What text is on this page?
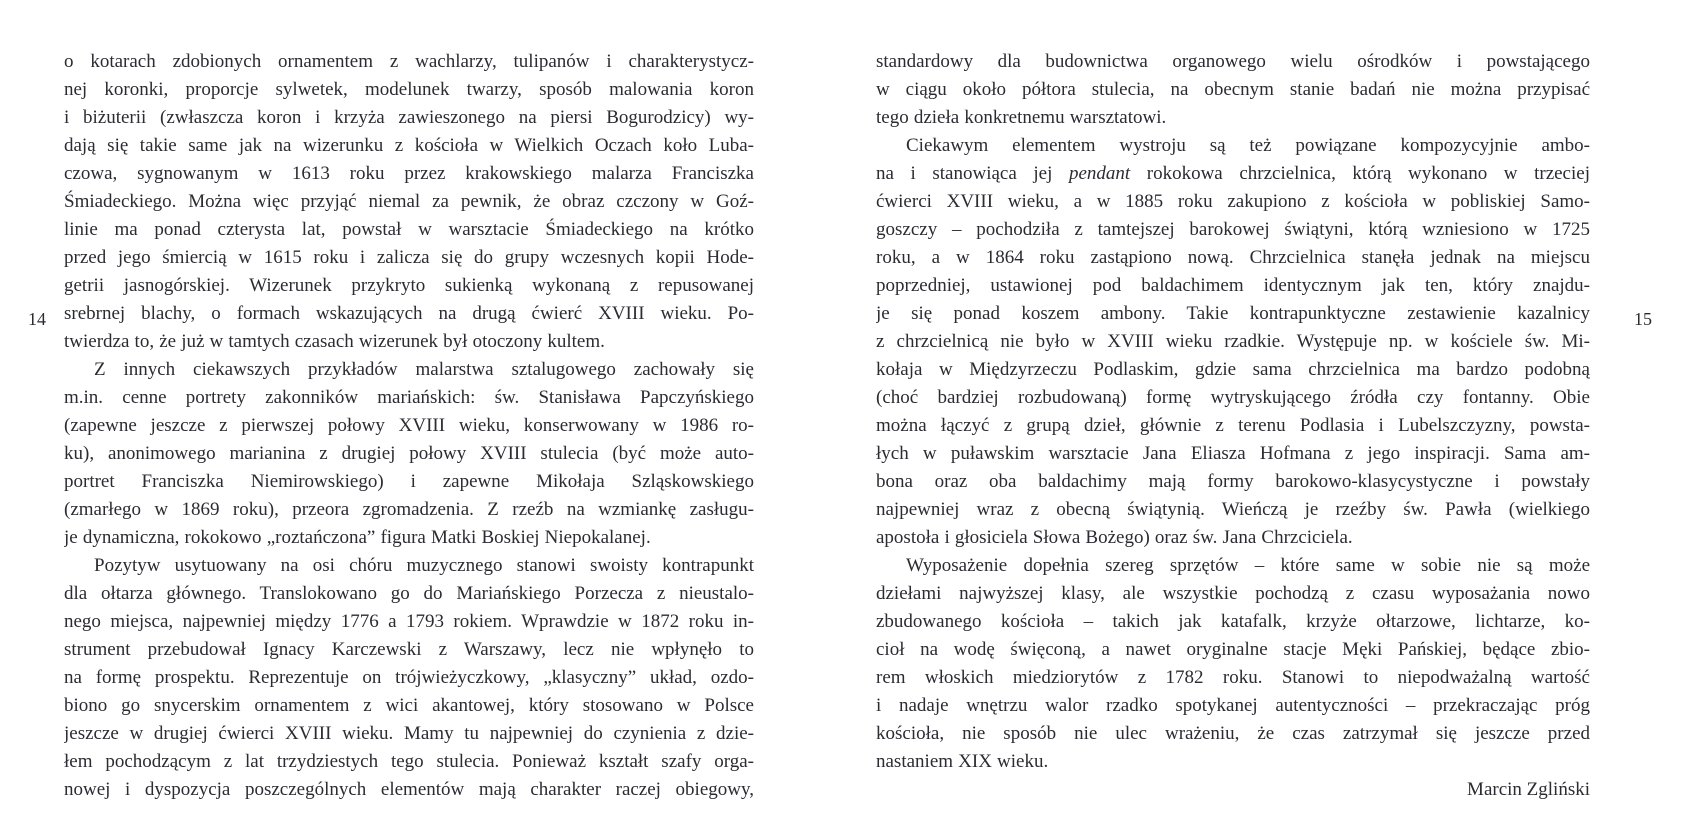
14
o kotarach zdobionych ornamentem z wachlarzy, tulipanów i charakterystycz-
nej koronki, proporcje sylwetek, modelunek twarzy, sposób malowania koron
i biżuterii (zwłaszcza koron i krzyża zawieszonego na piersi Bogurodzicy) wy-
dają się takie same jak na wizerunku z kościoła w Wielkich Oczach koło Luba-
czowa, sygnowanym w 1613 roku przez krakowskiego malarza Franciszka
Śmiadeckiego. Można więc przyjąć niemal za pewnik, że obraz czczony w Goź-
linie ma ponad czterysta lat, powstał w warsztacie Śmiadeckiego na krótko
przed jego śmiercią w 1615 roku i zalicza się do grupy wczesnych kopii Hode-
getrii jasnogórskiej. Wizerunek przykryto sukienką wykonaną z repusowanej
srebrnej blachy, o formach wskazujących na drugą ćwierć XVIII wieku. Po-
twierdza to, że już w tamtych czasach wizerunek był otoczony kultem.
Z innych ciekawszych przykładów malarstwa sztalugowego zachowały się
m.in. cenne portrety zakonników mariańskich: św. Stanisława Papczyńskiego
(zapewne jeszcze z pierwszej połowy XVIII wieku, konserwowany w 1986 ro-
ku), anonimowego marianina z drugiej połowy XVIII stulecia (być może auto-
portret Franciszka Niemirowskiego) i zapewne Mikołaja Szląskowskiego
(zmarłego w 1869 roku), przeora zgromadzenia. Z rzeźb na wzmiankę zasługu-
je dynamiczna, rokokowo „roztańczona” figura Matki Boskiej Niepokalanej.
Pozytyw usytuowany na osi chóru muzycznego stanowi swoisty kontrapunkt
dla ołtarza głównego. Translokowano go do Mariańskiego Porzecza z nieustalo-
nego miejsca, najpewniej między 1776 a 1793 rokiem. Wprawdzie w 1872 roku in-
strument przebudował Ignacy Karczewski z Warszawy, lecz nie wpłynęło to
na formę prospektu. Reprezentuje on trójwieżyczkowy, „klasyczny” układ, ozdo-
biono go snycerskim ornamentem z wici akantowej, który stosowano w Polsce
jeszcze w drugiej ćwierci XVIII wieku. Mamy tu najpewniej do czynienia z dzie-
łem pochodzącym z lat trzydziestych tego stulecia. Ponieważ kształt szafy orga-
nowej i dyspozycja poszczególnych elementów mają charakter raczej obiegowy,
standardowy dla budownictwa organowego wielu ośrodków i powstającego
w ciągu około półtora stulecia, na obecnym stanie badań nie można przypisać
tego dzieła konkretnemu warsztatowi.
Ciekawym elementem wystroju są też powiązane kompozycyjnie ambo-
na i stanowiąca jej pendant rokokowa chrzcielnica, którą wykonano w trzeciej
ćwierci XVIII wieku, a w 1885 roku zakupiono z kościoła w pobliskiej Samo-
goszczy – pochodziła z tamtejszej barokowej świątyni, którą wzniesiono w 1725
roku, a w 1864 roku zastąpiono nową. Chrzcielnica stanęła jednak na miejscu
poprzedniej, ustawionej pod baldachimem identycznym jak ten, który znajdu-
je się ponad koszem ambony. Takie kontrapunktyczne zestawienie kazalnicy
z chrzcielnicą nie było w XVIII wieku rzadkie. Występuje np. w kościele św. Mi-
kołaja w Międzyrzeczu Podlaskim, gdzie sama chrzcielnica ma bardzo podobną
(choć bardziej rozbudowaną) formę wytryskującego źródła czy fontanny. Obie
można łączyć z grupą dzieł, głównie z terenu Podlasia i Lubelszczyzny, powsta-
łych w puławskim warsztacie Jana Eliasza Hofmana z jego inspiracji. Sama am-
bona oraz oba baldachimy mają formy barokowo-klasycystyczne i powstały
najpewniej wraz z obecną świątynią. Wieńczą je rzeźby św. Pawła (wielkiego
apostoła i głosiciela Słowa Bożego) oraz św. Jana Chrzciciela.
Wyposażenie dopełnia szereg sprzętów – które same w sobie nie są może
dziełami najwyższej klasy, ale wszystkie pochodzą z czasu wyposażania nowo
zbudowanego kościoła – takich jak katafalk, krzyże ołtarzowe, lichtarze, ko-
cioł na wodę święconą, a nawet oryginalne stacje Męki Pańskiej, będące zbio-
rem włoskich miedziorytów z 1782 roku. Stanowi to niepodważalną wartość
i nadaje wnętrzu walor rzadko spotykanej autentyczności – przekraczając próg
kościoła, nie sposób nie ulec wrażeniu, że czas zatrzymał się jeszcze przed
nastaniem XIX wieku.
Marcin Zgliński
15
